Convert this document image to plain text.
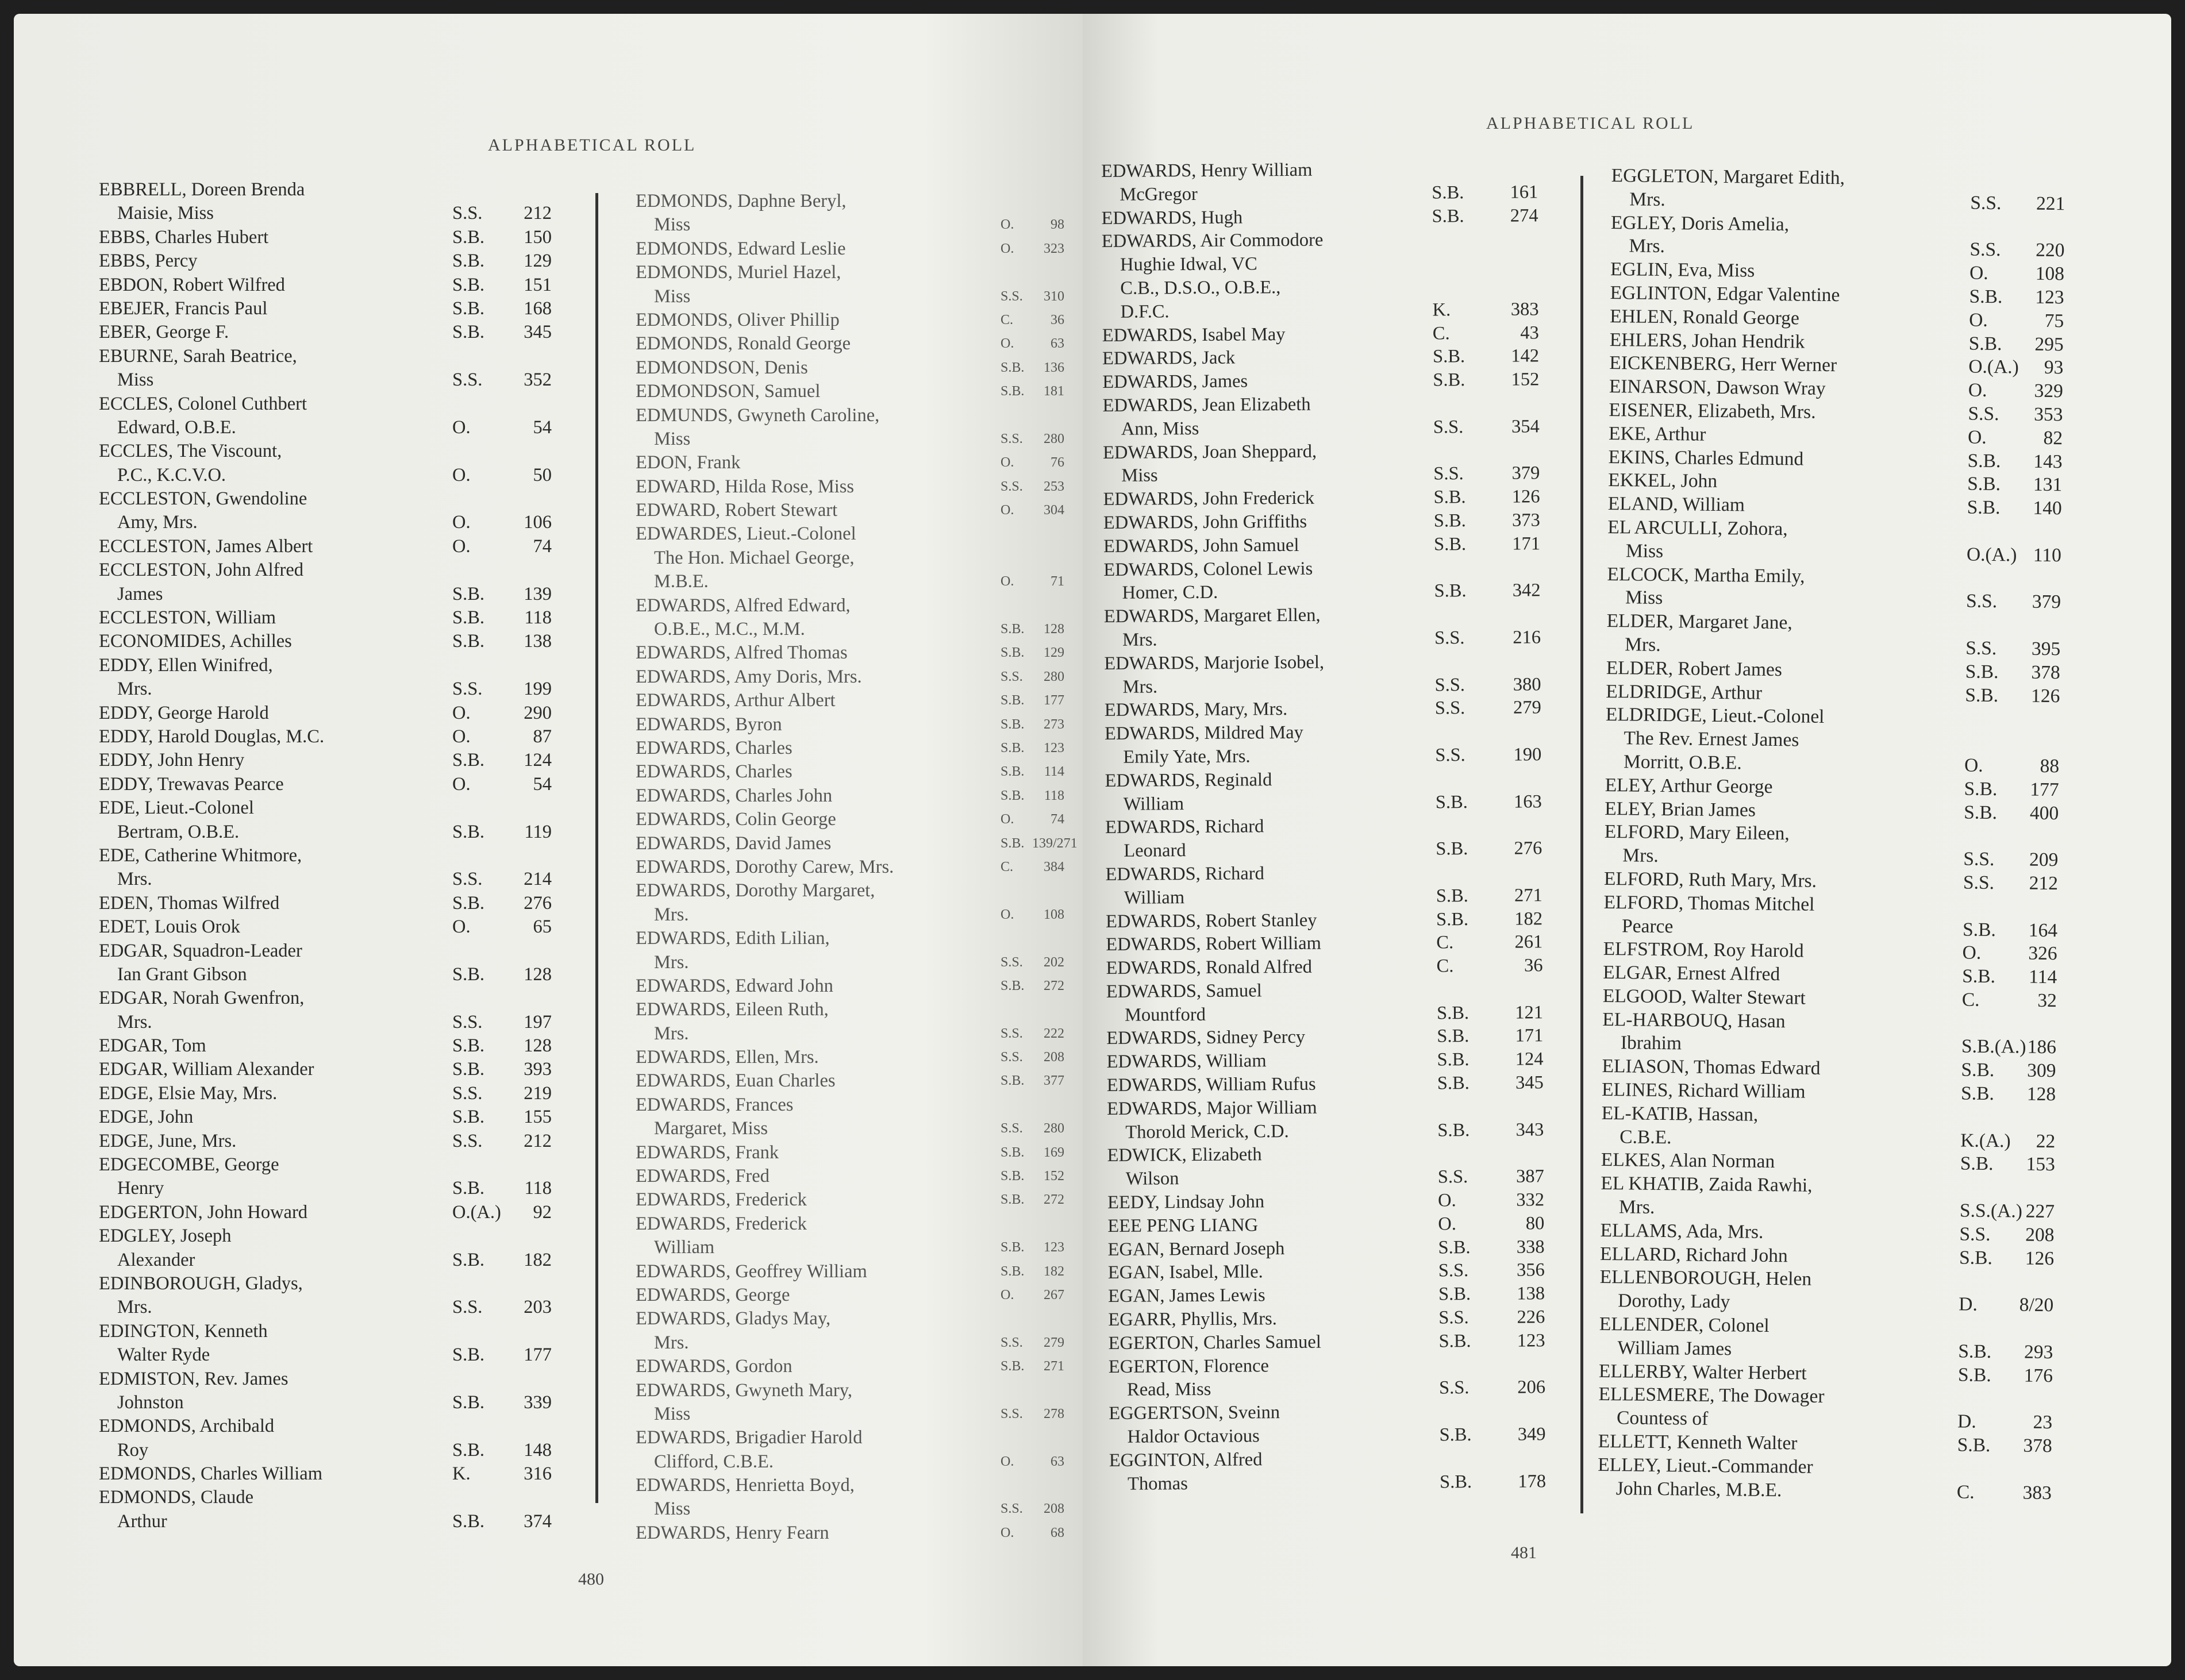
ALPHABETICAL ROLL
EBBRELL, Doreen Brenda
Maisie, Miss	S.S.	212
EBBS, Charles Hubert	S.B.	150
EBBS, Percy	S.B.	129
EBDON, Robert Wilfred	S.B.	151
EBEJER, Francis Paul	S.B.	168
EBER, George F.	S.B.	345
EBURNE, Sarah Beatrice,
Miss	S.S.	352
ECCLES, Colonel Cuthbert
Edward, O.B.E.	O.	54
ECCLES, The Viscount,
P.C., K.C.V.O.	O.	50
ECCLESTON, Gwendoline
Amy, Mrs.	O.	106
ECCLESTON, James Albert	O.	74
ECCLESTON, John Alfred
James	S.B.	139
ECCLESTON, William	S.B.	118
ECONOMIDES, Achilles	S.B.	138
EDDY, Ellen Winifred,
Mrs.	S.S.	199
EDDY, George Harold	O.	290
EDDY, Harold Douglas, M.C.	O.	87
EDDY, John Henry	S.B.	124
EDDY, Trewavas Pearce	O.	54
EDE, Lieut.-Colonel
Bertram, O.B.E.	S.B.	119
EDE, Catherine Whitmore,
Mrs.	S.S.	214
EDEN, Thomas Wilfred	S.B.	276
EDET, Louis Orok	O.	65
EDGAR, Squadron-Leader
Ian Grant Gibson	S.B.	128
EDGAR, Norah Gwenfron,
Mrs.	S.S.	197
EDGAR, Tom	S.B.	128
EDGAR, William Alexander	S.B.	393
EDGE, Elsie May, Mrs.	S.S.	219
EDGE, John	S.B.	155
EDGE, June, Mrs.	S.S.	212
EDGECOMBE, George
Henry	S.B.	118
EDGERTON, John Howard	O.(A.)	92
EDGLEY, Joseph
Alexander	S.B.	182
EDINBOROUGH, Gladys,
Mrs.	S.S.	203
EDINGTON, Kenneth
Walter Ryde	S.B.	177
EDMISTON, Rev. James
Johnston	S.B.	339
EDMONDS, Archibald
Roy	S.B.	148
EDMONDS, Charles William	K.	316
EDMONDS, Claude
Arthur	S.B.	374
EDMONDS, Daphne Beryl,
Miss	O.	98
EDMONDS, Edward Leslie	O.	323
EDMONDS, Muriel Hazel,
Miss	S.S.	310
EDMONDS, Oliver Phillip	C.	36
EDMONDS, Ronald George	O.	63
EDMONDSON, Denis	S.B.	136
EDMONDSON, Samuel	S.B.	181
EDMUNDS, Gwyneth Caroline,
Miss	S.S.	280
EDON, Frank	O.	76
EDWARD, Hilda Rose, Miss	S.S.	253
EDWARD, Robert Stewart	O.	304
EDWARDES, Lieut.-Colonel
The Hon. Michael George,
M.B.E.	O.	71
EDWARDS, Alfred Edward,
O.B.E., M.C., M.M.	S.B.	128
EDWARDS, Alfred Thomas	S.B.	129
EDWARDS, Amy Doris, Mrs.	S.S.	280
EDWARDS, Arthur Albert	S.B.	177
EDWARDS, Byron	S.B.	273
EDWARDS, Charles	S.B.	123
EDWARDS, Charles	S.B.	114
EDWARDS, Charles John	S.B.	118
EDWARDS, Colin George	O.	74
EDWARDS, David James	S.B. 139/271
EDWARDS, Dorothy Carew, Mrs.	C.	384
EDWARDS, Dorothy Margaret,
Mrs.	O.	108
EDWARDS, Edith Lilian,
Mrs.	S.S.	202
EDWARDS, Edward John	S.B.	272
EDWARDS, Eileen Ruth,
Mrs.	S.S.	222
EDWARDS, Ellen, Mrs.	S.S.	208
EDWARDS, Euan Charles	S.B.	377
EDWARDS, Frances
Margaret, Miss	S.S.	280
EDWARDS, Frank	S.B.	169
EDWARDS, Fred	S.B.	152
EDWARDS, Frederick	S.B.	272
EDWARDS, Frederick
William	S.B.	123
EDWARDS, Geoffrey William	S.B.	182
EDWARDS, George	O.	267
EDWARDS, Gladys May,
Mrs.	S.S.	279
EDWARDS, Gordon	S.B.	271
EDWARDS, Gwyneth Mary,
Miss	S.S.	278
EDWARDS, Brigadier Harold
Clifford, C.B.E.	O.	63
EDWARDS, Henrietta Boyd,
Miss	S.S.	208
EDWARDS, Henry Fearn	O.	68
480
ALPHABETICAL ROLL
EDWARDS, Henry William
McGregor	S.B.	161
EDWARDS, Hugh	S.B.	274
EDWARDS, Air Commodore
Hughie Idwal, VC
C.B., D.S.O., O.B.E.,
D.F.C.	K.	383
EDWARDS, Isabel May	C.	43
EDWARDS, Jack	S.B.	142
EDWARDS, James	S.B.	152
EDWARDS, Jean Elizabeth
Ann, Miss	S.S.	354
EDWARDS, Joan Sheppard,
Miss	S.S.	379
EDWARDS, John Frederick	S.B.	126
EDWARDS, John Griffiths	S.B.	373
EDWARDS, John Samuel	S.B.	171
EDWARDS, Colonel Lewis
Homer, C.D.	S.B.	342
EDWARDS, Margaret Ellen,
Mrs.	S.S.	216
EDWARDS, Marjorie Isobel,
Mrs.	S.S.	380
EDWARDS, Mary, Mrs.	S.S.	279
EDWARDS, Mildred May
Emily Yate, Mrs.	S.S.	190
EDWARDS, Reginald
William	S.B.	163
EDWARDS, Richard
Leonard	S.B.	276
EDWARDS, Richard
William	S.B.	271
EDWARDS, Robert Stanley	S.B.	182
EDWARDS, Robert William	C.	261
EDWARDS, Ronald Alfred	C.	36
EDWARDS, Samuel
Mountford	S.B.	121
EDWARDS, Sidney Percy	S.B.	171
EDWARDS, William	S.B.	124
EDWARDS, William Rufus	S.B.	345
EDWARDS, Major William
Thorold Merick, C.D.	S.B.	343
EDWICK, Elizabeth
Wilson	S.S.	387
EEDY, Lindsay John	O.	332
EEE PENG LIANG	O.	80
EGAN, Bernard Joseph	S.B.	338
EGAN, Isabel, Mlle.	S.S.	356
EGAN, James Lewis	S.B.	138
EGARR, Phyllis, Mrs.	S.S.	226
EGERTON, Charles Samuel	S.B.	123
EGERTON, Florence
Read, Miss	S.S.	206
EGGERTSON, Sveinn
Haldor Octavious	S.B.	349
EGGINTON, Alfred
Thomas	S.B.	178
EGGLETON, Margaret Edith,
Mrs.	S.S.	221
EGLEY, Doris Amelia,
Mrs.	S.S.	220
EGLIN, Eva, Miss	O.	108
EGLINTON, Edgar Valentine	S.B.	123
EHLEN, Ronald George	O.	75
EHLERS, Johan Hendrik	S.B.	295
EICKENBERG, Herr Werner	O.(A.)	93
EINARSON, Dawson Wray	O.	329
EISENER, Elizabeth, Mrs.	S.S.	353
EKE, Arthur	O.	82
EKINS, Charles Edmund	S.B.	143
EKKEL, John	S.B.	131
ELAND, William	S.B.	140
EL ARCULLI, Zohora,
Miss	O.(A.) 110
ELCOCK, Martha Emily,
Miss	S.S.	379
ELDER, Margaret Jane,
Mrs.	S.S.	395
ELDER, Robert James	S.B.	378
ELDRIDGE, Arthur	S.B.	126
ELDRIDGE, Lieut.-Colonel
The Rev. Ernest James
Morritt, O.B.E.	O.	88
ELEY, Arthur George	S.B.	177
ELEY, Brian James	S.B.	400
ELFORD, Mary Eileen,
Mrs.	S.S.	209
ELFORD, Ruth Mary, Mrs.	S.S.	212
ELFORD, Thomas Mitchel
Pearce	S.B.	164
ELFSTROM, Roy Harold	O.	326
ELGAR, Ernest Alfred	S.B.	114
ELGOOD, Walter Stewart	C.	32
EL-HARBOUQ, Hasan
Ibrahim	S.B.(A.) 186
ELIASON, Thomas Edward	S.B.	309
ELINES, Richard William	S.B.	128
EL-KATIB, Hassan,
C.B.E.	K.(A.)	22
ELKES, Alan Norman	S.B.	153
EL KHATIB, Zaida Rawhi,
Mrs.	S.S.(A.) 227
ELLAMS, Ada, Mrs.	S.S.	208
ELLARD, Richard John	S.B.	126
ELLENBOROUGH, Helen
Dorothy, Lady	D.	8/20
ELLENDER, Colonel
William James	S.B.	293
ELLERBY, Walter Herbert	S.B.	176
ELLESMERE, The Dowager
Countess of	D.	23
ELLETT, Kenneth Walter	S.B.	378
ELLEY, Lieut.-Commander
John Charles, M.B.E.	C.	383
481
